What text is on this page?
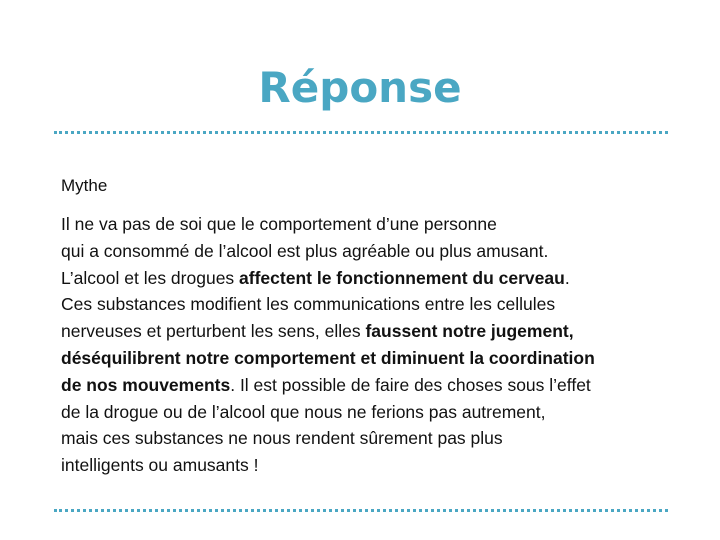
Réponse
Mythe
Il ne va pas de soi que le comportement d’une personne
qui a consommé de l’alcool est plus agréable ou plus amusant.
L’alcool et les drogues affectent le fonctionnement du cerveau.
Ces substances modifient les communications entre les cellules
nerveuses et perturbent les sens, elles faussent notre jugement,
déséquilibrent notre comportement et diminuent la coordination
de nos mouvements. Il est possible de faire des choses sous l’effet
de la drogue ou de l’alcool que nous ne ferions pas autrement,
mais ces substances ne nous rendent sûrement pas plus
intelligents ou amusants !
